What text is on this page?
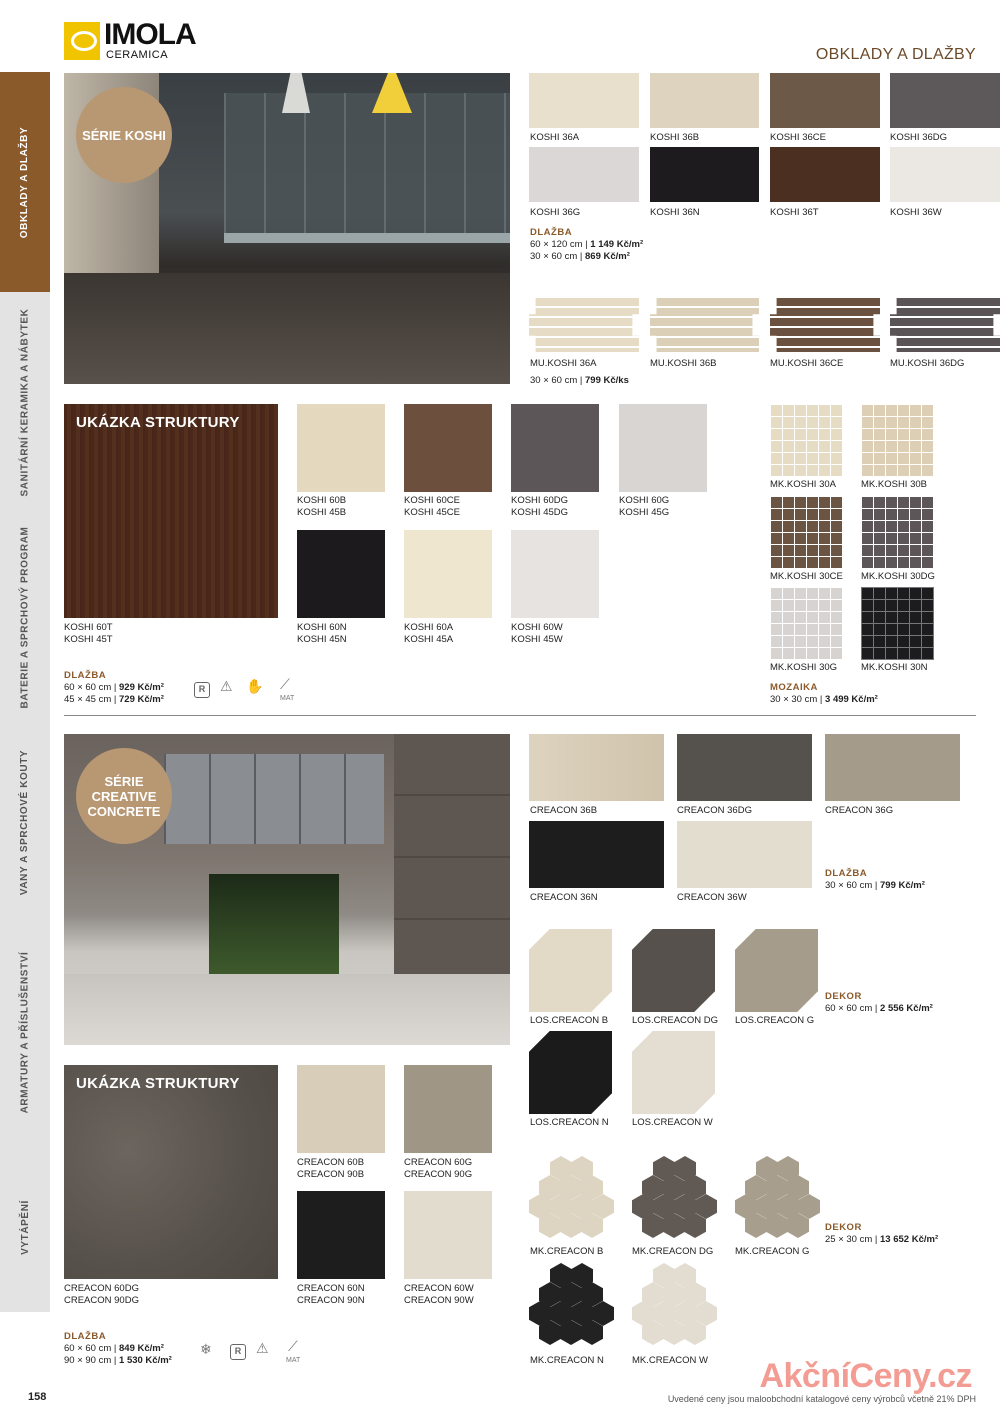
IMOLA
CERAMICA	OBKLADY A DLAŽBY
OBKLADY A DLAŽBY
SANITÁRNÍ KERAMIKA A NÁBYTEK
BATERIE A SPRCHOVÝ PROGRAM
VANY A SPRCHOVÉ KOUTY
ARMATURY A PŘÍSLUŠENSTVÍ
VYTÁPĚNÍ
SÉRIE KOSHI	KOSHI 36A	KOSHI 36B	KOSHI 36CE	KOSHI 36DG
KOSHI 36G	KOSHI 36N	KOSHI 36T	KOSHI 36W
DLAŽBA
60 × 120 cm | 1 149 Kč/m²
30 × 60 cm | 869 Kč/m²
MU.KOSHI 36A	MU.KOSHI 36B	MU.KOSHI 36CE	MU.KOSHI 36DG
30 × 60 cm | 799 Kč/ks
UKÁZKA STRUKTURY
KOSHI 60T
KOSHI 45T
KOSHI 60B
KOSHI 45B
KOSHI 60CE
KOSHI 45CE
KOSHI 60DG
KOSHI 45DG
KOSHI 60G
KOSHI 45G
KOSHI 60N
KOSHI 45N
KOSHI 60A
KOSHI 45A
KOSHI 60W
KOSHI 45W
DLAŽBA
60 × 60 cm | 929 Kč/m²
45 × 45 cm | 729 Kč/m²
R	⚠ ✋ ⟋
MAT
MK.KOSHI 30A	MK.KOSHI 30B
MK.KOSHI 30CE MK.KOSHI 30DG
MK.KOSHI 30G	MK.KOSHI 30N
MOZAIKA
30 × 30 cm | 3 499 Kč/m²
SÉRIE CREATIVE CONCRETE	CREACON 36B	CREACON 36DG	CREACON 36G
CREACON 36N	CREACON 36W
DLAŽBA
30 × 60 cm | 799 Kč/m²
LOS.CREACON B	LOS.CREACON DG LOS.CREACON G
LOS.CREACON N LOS.CREACON W
DEKOR
60 × 60 cm | 2 556 Kč/m²
MK.CREACON B	MK.CREACON DG MK.CREACON G
MK.CREACON N	MK.CREACON W
DEKOR
25 × 30 cm | 13 652 Kč/m²
UKÁZKA STRUKTURY
CREACON 60DG
CREACON 90DG
CREACON 60B
CREACON 90B
CREACON 60G
CREACON 90G
CREACON 60N
CREACON 90N
CREACON 60W
CREACON 90W
DLAŽBA
60 × 60 cm | 849 Kč/m²
90 × 90 cm | 1 530 Kč/m²
❄	R	⚠ ⟋
MAT	AkčníCeny.cz
158	Uvedené ceny jsou maloobchodní katalogové ceny výrobců včetně 21% DPH
